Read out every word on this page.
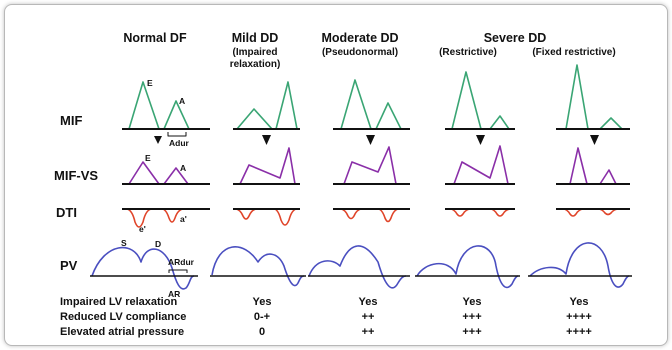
Normal DF	Mild DD
(Impaired
relaxation)
Moderate DD
(Pseudonormal)
Severe DD
(Restrictive)	(Fixed restrictive)
MIF
MIF-VS
DTI
PV
E
A
Adur
E
A
e'
a'
S	D
ARdur
AR
Impaired LV relaxation	Yes	Yes	Yes	Yes
Reduced LV compliance	0-+	++	+++	++++
Elevated atrial pressure	0	++	+++	++++
